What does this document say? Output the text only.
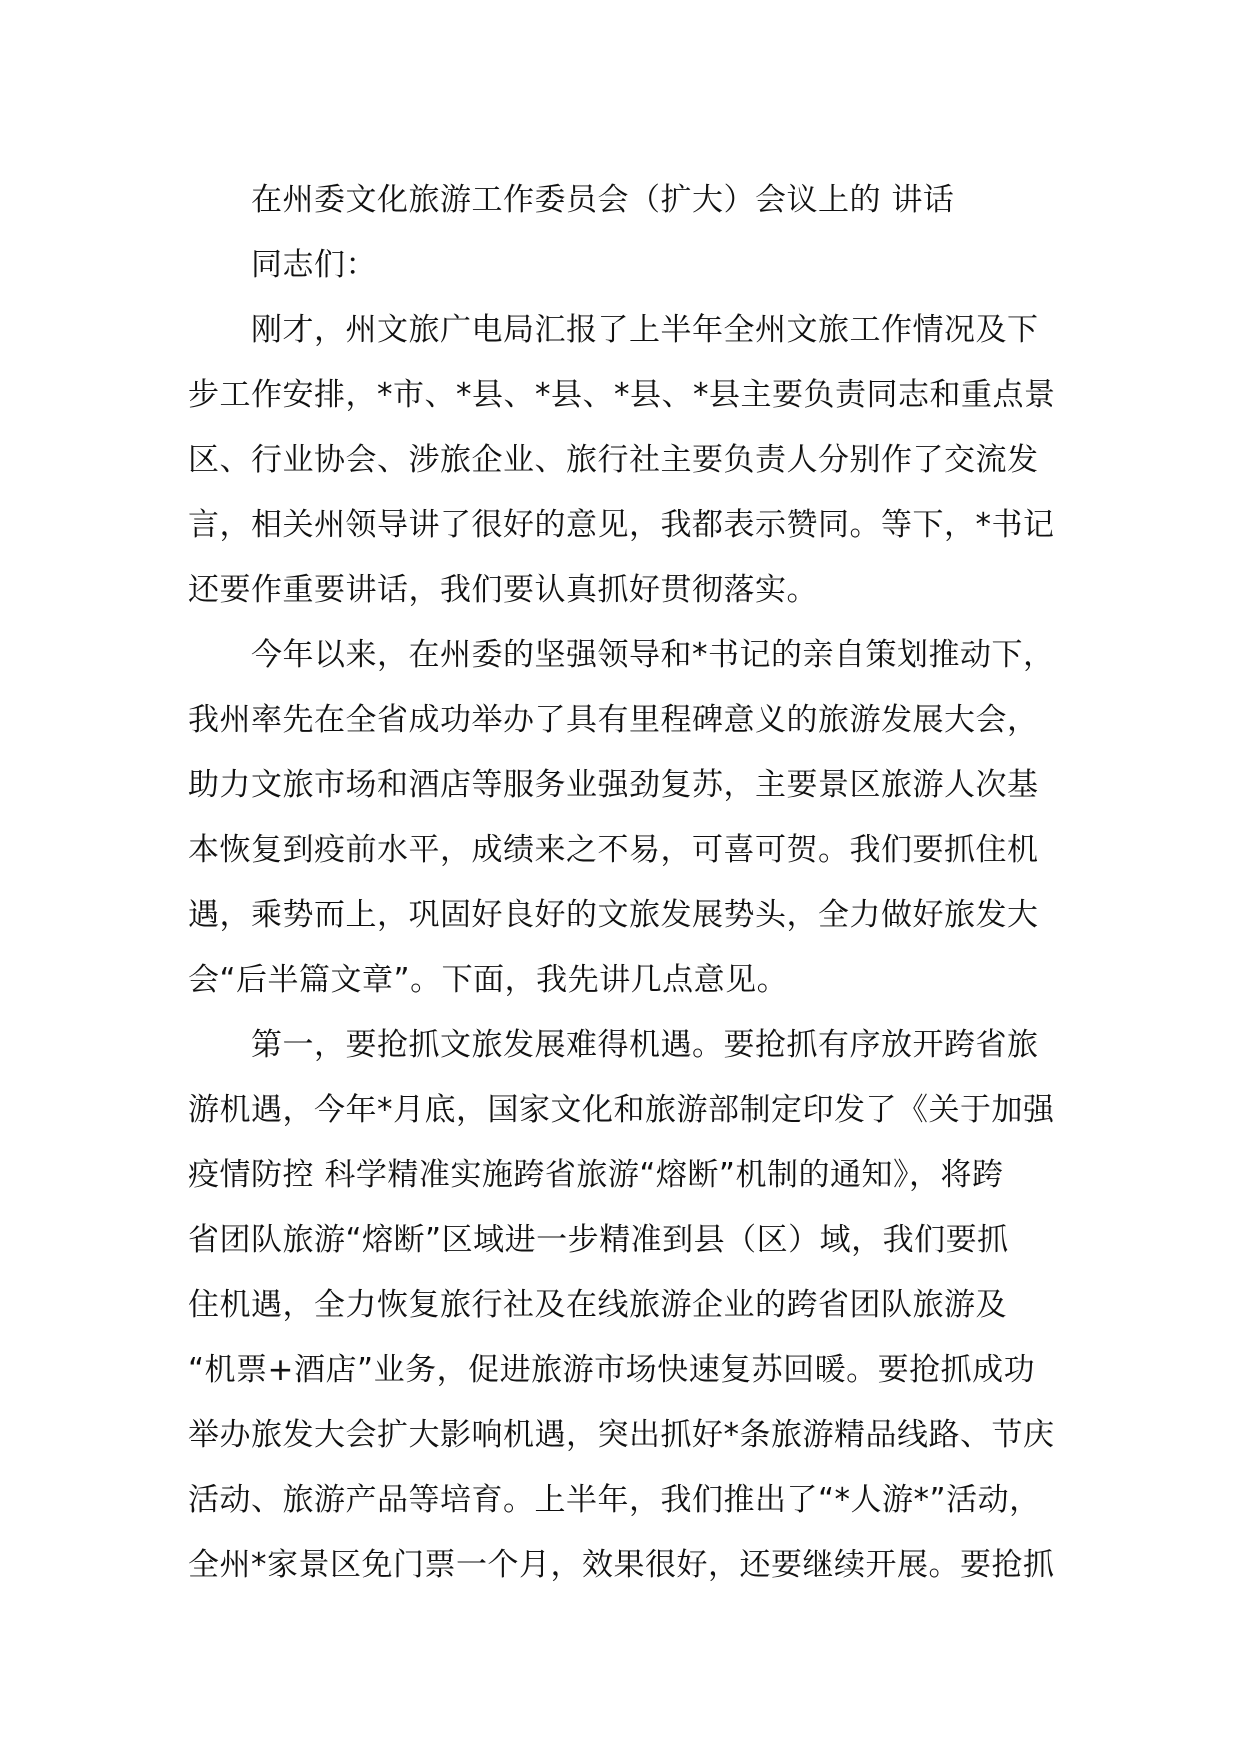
在州委文化旅游工作委员会（扩大）会议上的 讲话
同志们：
刚才，州文旅广电局汇报了上半年全州文旅工作情况及下
步工作安排，*市、*县、*县、*县、*县主要负责同志和重点景
区、行业协会、涉旅企业、旅行社主要负责人分别作了交流发
言，相关州领导讲了很好的意见，我都表示赞同。等下，*书记
还要作重要讲话，我们要认真抓好贯彻落实。
今年以来，在州委的坚强领导和*书记的亲自策划推动下，
我州率先在全省成功举办了具有里程碑意义的旅游发展大会，
助力文旅市场和酒店等服务业强劲复苏，主要景区旅游人次基
本恢复到疫前水平，成绩来之不易，可喜可贺。我们要抓住机
遇，乘势而上，巩固好良好的文旅发展势头，全力做好旅发大
会“后半篇文章”。下面，我先讲几点意见。
第一，要抢抓文旅发展难得机遇。要抢抓有序放开跨省旅
游机遇，今年*月底，国家文化和旅游部制定印发了《关于加强
疫情防控 科学精准实施跨省旅游“熔断”机制的通知》，将跨
省团队旅游“熔断”区域进一步精准到县（区）域，我们要抓
住机遇，全力恢复旅行社及在线旅游企业的跨省团队旅游及
“机票+酒店”业务，促进旅游市场快速复苏回暖。要抢抓成功
举办旅发大会扩大影响机遇，突出抓好*条旅游精品线路、节庆
活动、旅游产品等培育。上半年，我们推出了“*人游*”活动，
全州*家景区免门票一个月，效果很好，还要继续开展。要抢抓
